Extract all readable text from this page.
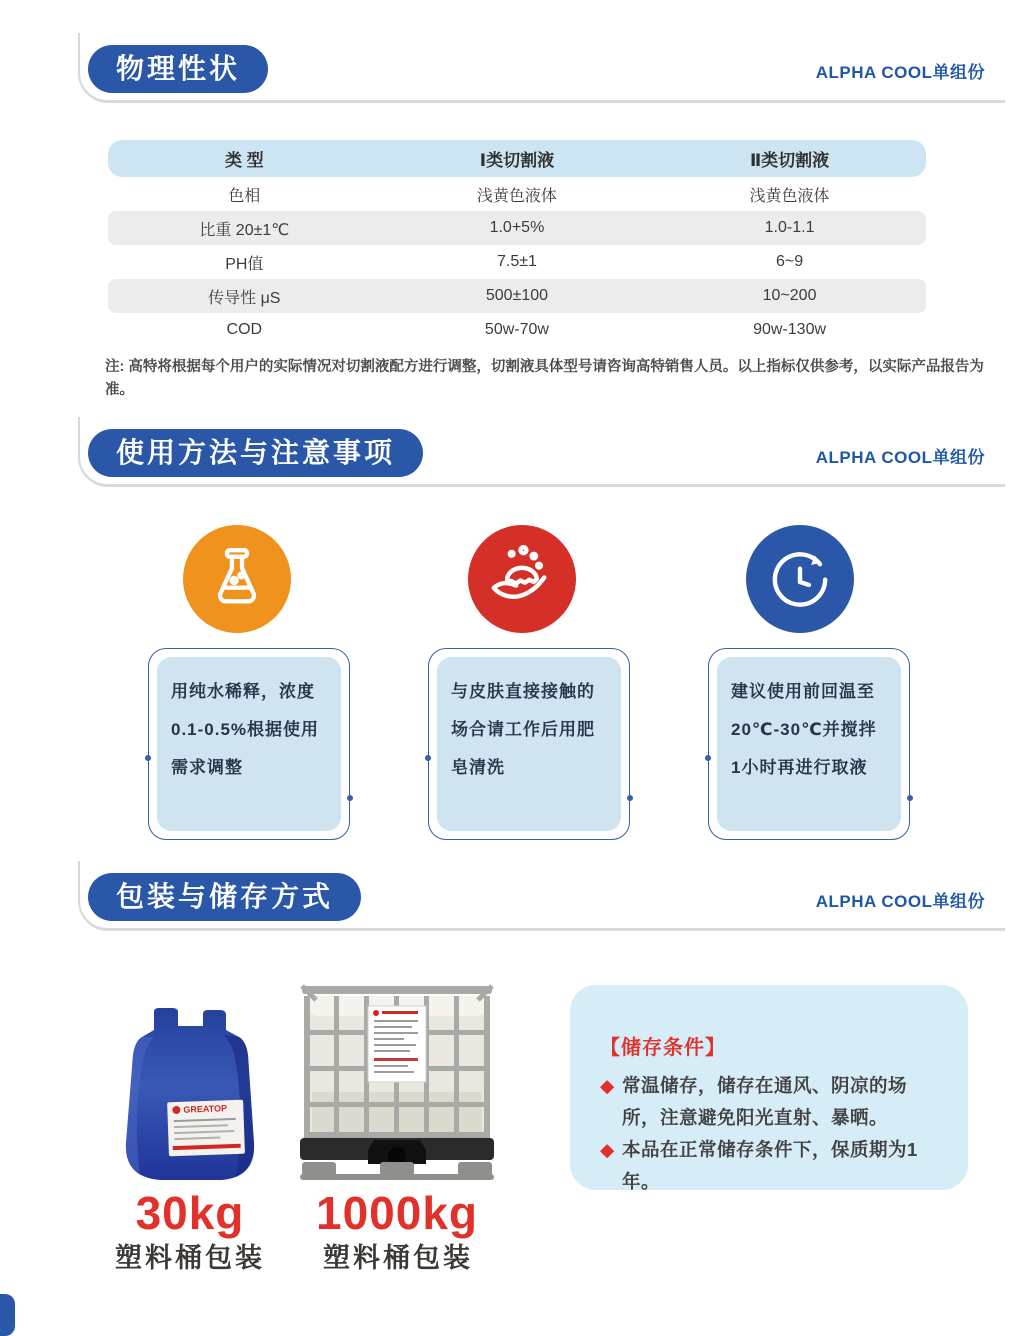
物理性状	ALPHA COOL单组份
类 型	Ⅰ类切割液	Ⅱ类切割液
色相	浅黄色液体	浅黄色液体
比重 20±1℃	1.0+5%	1.0-1.1
PH值	7.5±1	6~9
传导性 μS	500±100	10~200
COD	50w-70w	90w-130w
注: 高特将根据每个用户的实际情况对切割液配方进行调整，切割液具体型号请咨询高特销售人员。以上指标仅供参考，以实际产品报告为准。
使用方法与注意事项	ALPHA COOL单组份
用纯水稀释，浓度0.1-0.5%根据使用需求调整
与皮肤直接接触的场合请工作后用肥皂清洗
建议使用前回温至20℃-30℃并搅拌1小时再进行取液
包装与储存方式	ALPHA COOL单组份
GREATOP
30kg
塑料桶包装
1000kg
塑料桶包装
【储存条件】
◆ 常温储存，储存在通风、阴凉的场所，注意避免阳光直射、暴晒。
◆ 本品在正常储存条件下，保质期为1年。
